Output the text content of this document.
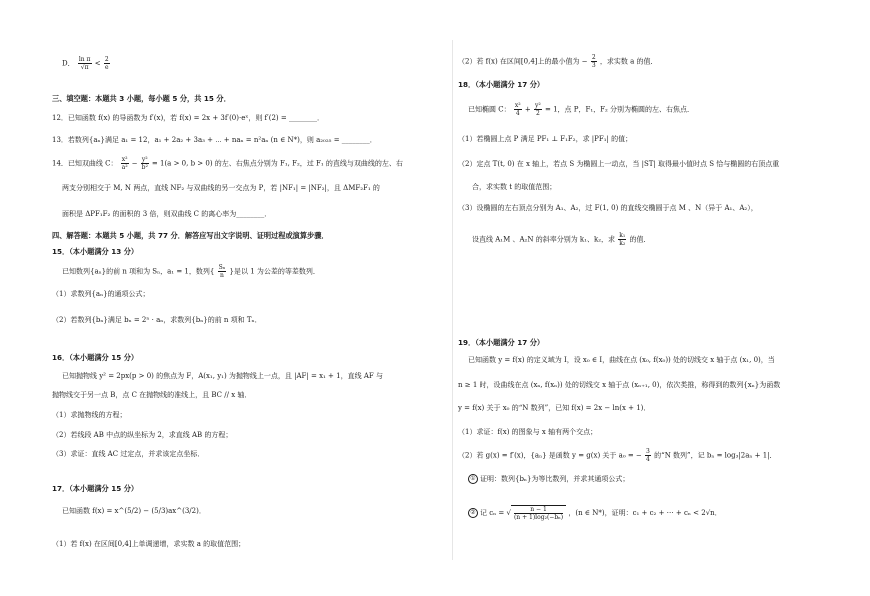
D． $\frac{\text{ln π}}{√\pi} < \frac{2}{e}$
三、填空题：本题共 3 小题，每小题 5 分，共 15 分．
12．已知函数 f(x) 的导函数为 f′(x)，若 f(x) = 2x + 3f′(0)·eˣ，则 f′(2) = ________．
13．若数列{aₙ}满足 a₁ = 12，a₁ + 2a₂ + 3a₃ + ⋯ + naₙ = n²aₙ (n ∈ N*)，则 a₂₀₂₅ = ________．
14．已知双曲线 C： $\frac{\text{x²}}{\text{a²}} - \frac{\text{y²}}{\text{b²}} = 1(a > 0$, b > 0) 的左、右焦点分别为 F₁, F₂，过 F₁ 的直线与双曲线的左、右
两支分别相交于 M, N 两点，直线 NF₂ 与双曲线的另一交点为 P，若 |NF₁| = |NF₂|，且 ΔMF₂F₁ 的
面积是 ΔPF₁F₂ 的面积的 3 倍，则双曲线 C 的离心率为________．
四、解答题：本题共 5 小题，共 77 分．解答应写出文字说明、证明过程或演算步骤．
15．（本小题满分 13 分）
已知数列{aₙ}的前 n 项和为 Sₙ，a₁ = 1，数列{ $\frac{\text{Sₙ}}{n}$ }是以 1 为公差的等差数列．
（1）求数列{aₙ}的通项公式；
（2）若数列{bₙ}满足 bₙ = 2ⁿ · aₙ，求数列{bₙ}的前 n 项和 Tₙ．
16．（本小题满分 15 分）
已知抛物线 y² = 2px(p > 0) 的焦点为 F，A(x₁, y₁) 为抛物线上一点，且 |AF| = x₁ + 1，直线 AF 与
抛物线交于另一点 B，点 C 在抛物线的准线上，且 BC // x 轴．
（1）求抛物线的方程；
（2）若线段 AB 中点的纵坐标为 2，求直线 AB 的方程；
（3）求证：直线 AC 过定点，并求该定点坐标．
17．（本小题满分 15 分）
已知函数 f(x) = x^(5/2) − (5/3)ax^(3/2)．
（1）若 f(x) 在区间[0,4]上单调递增，求实数 a 的取值范围；
（2）若 f(x) 在区间[0,4]上的最小值为 − $\frac{2}{3}$ ，求实数 a 的值．
18．（本小题满分 17 分）
已知椭圆 C： $\frac{\text{x²}}{4} + \frac{\text{y²}}{2} = 1$，点 P，F₁，F₂ 分别为椭圆的左、右焦点．
（1）若椭圆上点 P 满足 PF₁ ⊥ F₁F₂，求 |PF₁| 的值；
（2）定点 T(t, 0) 在 x 轴上，若点 S 为椭圆上一动点，当 |ST| 取得最小值时点 S 恰与椭圆的右顶点重
合，求实数 t 的取值范围；
（3）设椭圆的左右顶点分别为 A₁、A₂，过 F(1, 0) 的直线交椭圆于点 M 、N（异于 A₁、A₂），
设直线 A₁M 、A₂N 的斜率分别为 k₁、k₂，求 $\frac{\text{k₁}}{\text{k₂}}$ 的值．
19．（本小题满分 17 分）
已知函数 y = f(x) 的定义域为 I，设 x₀ ∈ I，曲线在点 (x₀, f(x₀)) 处的切线交 x 轴于点 (x₁, 0)，当
n ≥ 1 时，设曲线在点 (xₙ, f(xₙ)) 处的切线交 x 轴于点 (xₙ₊₁, 0)，依次类推，称得到的数列{xₙ}为函数
y = f(x) 关于 x₀ 的“N 数列”，已知 f(x) = 2x − ln(x + 1)．
（1）求证：f(x) 的图象与 x 轴有两个交点；
（2）若 g(x) = f′(x)，{aₙ} 是函数 y = g(x) 关于 a₀ = − $\frac{3}{4}$ 的“N 数列”，记 bₙ = log₃|2aₙ + 1|．
① 证明：数列{bₙ}为等比数列，并求其通项公式；
② 记 cₙ = √ $\frac{n - 1}{\text{(n + 1)log₂(−bₙ)}}$ ，(n ∈ N*)，证明：c₁ + c₂ + ⋯ + cₙ < 2√n．
